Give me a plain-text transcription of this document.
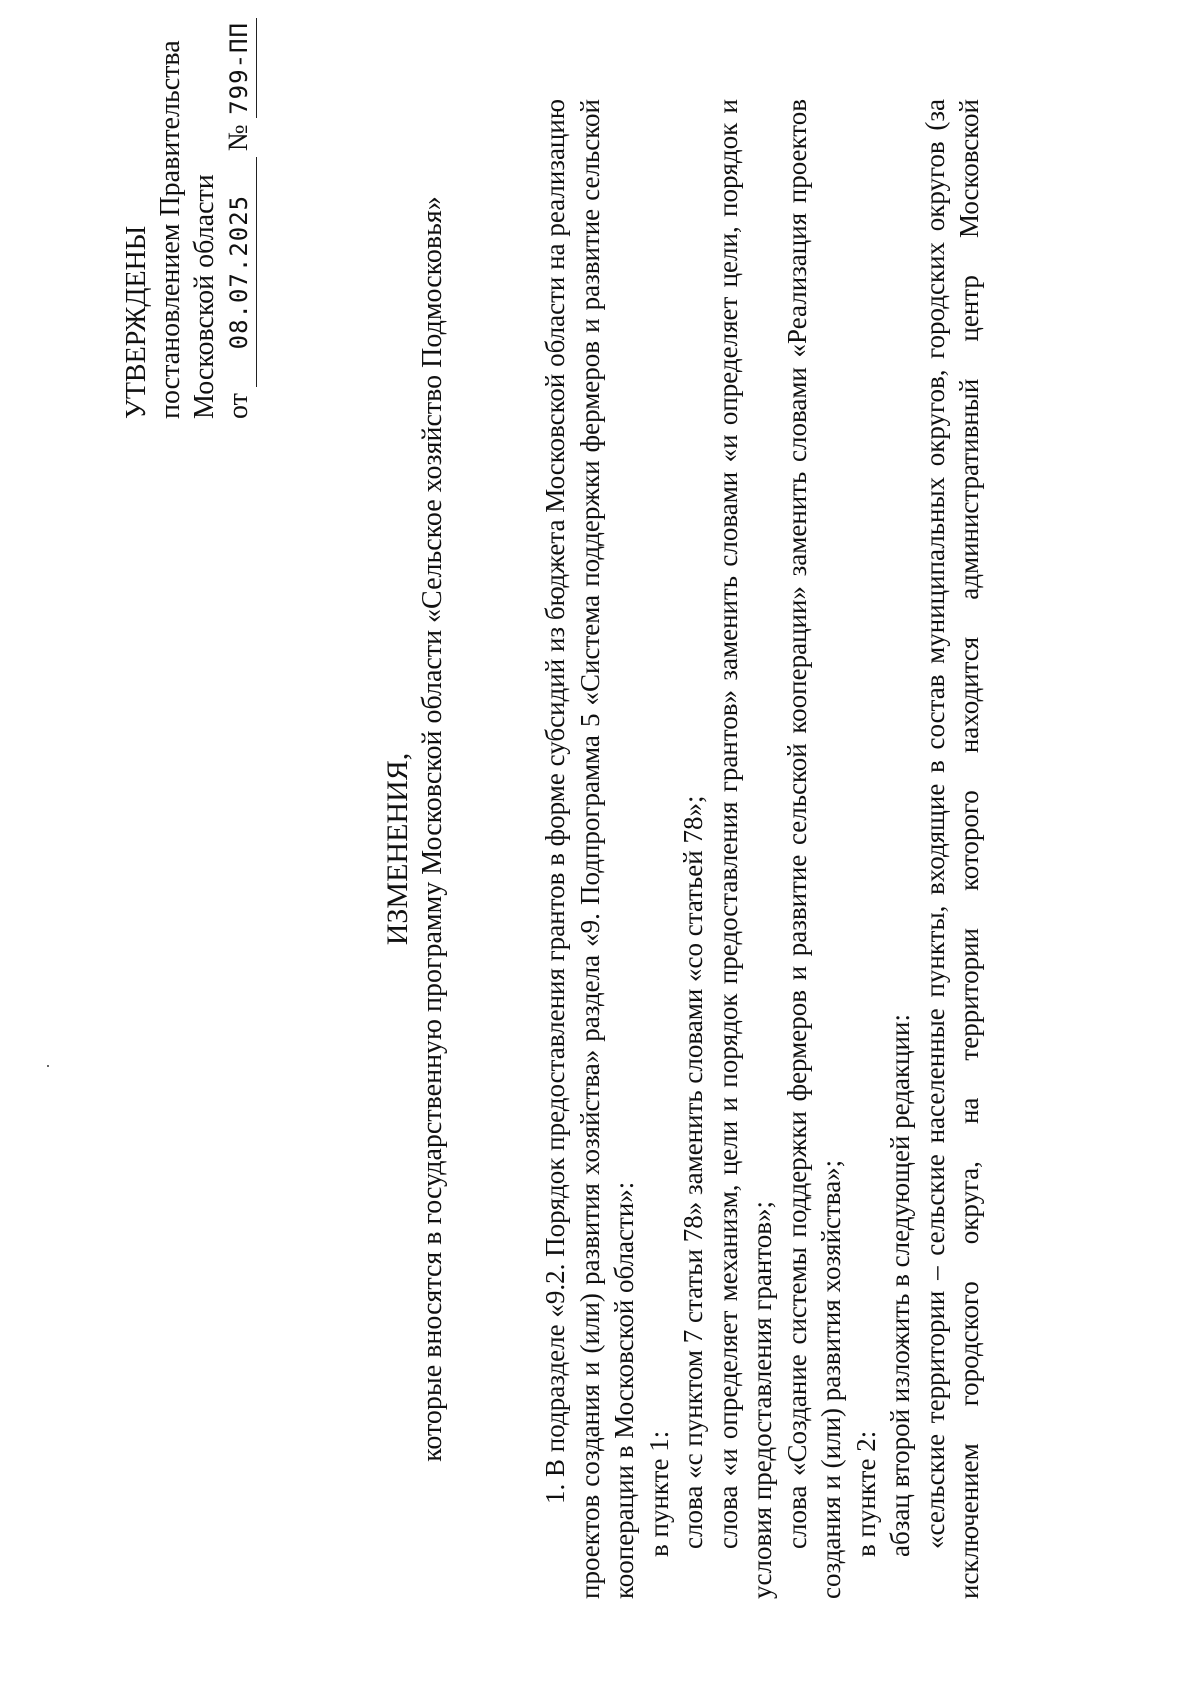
УТВЕРЖДЕНЫ постановлением Правительства Московской области от08.07.2025№799-ПП
ИЗМЕНЕНИЯ, которые вносятся в государственную программу Московской области «Сельское хозяйство Подмосковья»	1. В подразделе «9.2. Порядок предоставления грантов в форме субсидий из бюджета Московской области на реализацию проектов создания и (или) развития хозяйства» раздела «9. Подпрограмма 5 «Система поддержки фермеров и развитие сельской кооперации в Московской области»: в пункте 1: слова «с пунктом 7 статьи 78» заменить словами «со статьей 78»; слова «и определяет механизм, цели и порядок предоставления грантов» заменить словами «и определяет цели, порядок и условия предоставления грантов»; слова «Создание системы поддержки фермеров и развитие сельской кооперации» заменить словами «Реализация проектов создания и (или) развития хозяйства»; в пункте 2: абзац второй изложить в следующей редакции: «сельские территории – сельские населенные пункты, входящие в состав муниципальных округов, городских округов (за исключением городского округа, на территории которого находится административный центр Московской
